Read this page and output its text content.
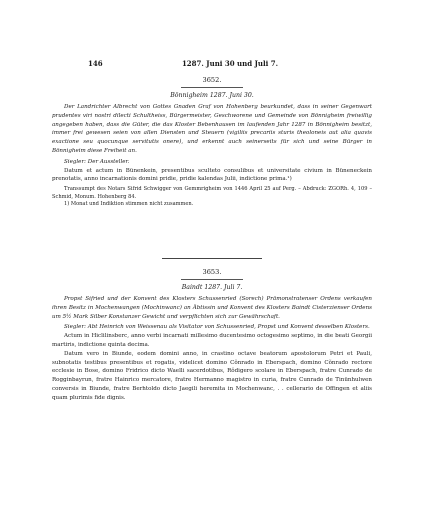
146	1287. Juni 30 und Juli 7.
3652.
Bönnigheim 1287. Juni 30.

Der Landrichter Albrecht von Gottes Gnaden Graf von Hohenberg beurkundet, dass in seiner Gegenwart prudentes viri nostri dilecti Schultheiss, Bürgermeister, Geschworene und Gemeinde von Bönnigheim freiwillig angegeben haben, dass die Güter, die das Kloster Bebenhausen im laufenden Jahr 1287 in Bönnigheim besitzt, immer frei gewesen seien von allen Diensten und Steuern (vigiliis precariis sturis theoloneis aut alia quavis exactione seu quocunque servitutis onere), und erkennt auch seinerseits für sich und seine Bürger in Bönnigheim diese Freiheit an.

Siegler: Der Aussteller.

Datum et actum in Bünenkein, presentibus sculteto consulibus et universitate civium in Büneneckein prenotatis, anno incarnationis domini pridie, pridie kalendas Julii, indictione prima.¹)

Transsumpt des Notars Sifrid Schwigger von Gemmrigheim von 1446 April 25 auf Perg. – Abdruck: ZGORh. 4, 109 – Schmid, Monum. Hohenberg 84.

1) Monat und Indiktion stimmen nicht zusammen.

3653.
Baindt 1287. Juli 7.

Propst Sifried und der Konvent des Klosters Schussenried (Sorech) Prämonstratenser Ordens verkaufen ihren Besitz in Mochenwangen (Mochinwanc) an Äbtissin und Konvent des Klosters Baindt Cisterzienser Ordens um 5½ Mark Silber Konstanzer Gewicht und verpflichten sich zur Gewährschaft.

Siegler: Abt Heinrich von Weissenau als Visitator von Schussenried, Propst und Konvent desselben Klosters.

Actum in Hiclilinsberc, anno verbi incarnati millesimo ducentesimo octogesimo septimo, in die beati Georgii martiris, indictione quinta decima.

Datum vero in Biunde, eodem domini anno, in crastino octave beatorum apostolorum Petri et Pauli, subnotatis testibus presentibus et rogatis, videlicet domino Cŏnrado in Eberspach, domino Cŏnrado rectore ecclesie in Bose, domino Fridrico dicto Waelli sacerdotibus, Rŏdigero scolare in Eberspach, fratre Cunrado de Rogginbayrun, fratre Hainrico mercatore, fratre Hermanno magistro in curia, fratre Cunrado de Tinünhulwen conversis in Biunde, fratre Berhtoldo dicto Jaegili heremita in Mochenwanc, . . cellerario de Offingen et aliis quam plurimis fide dignis.
